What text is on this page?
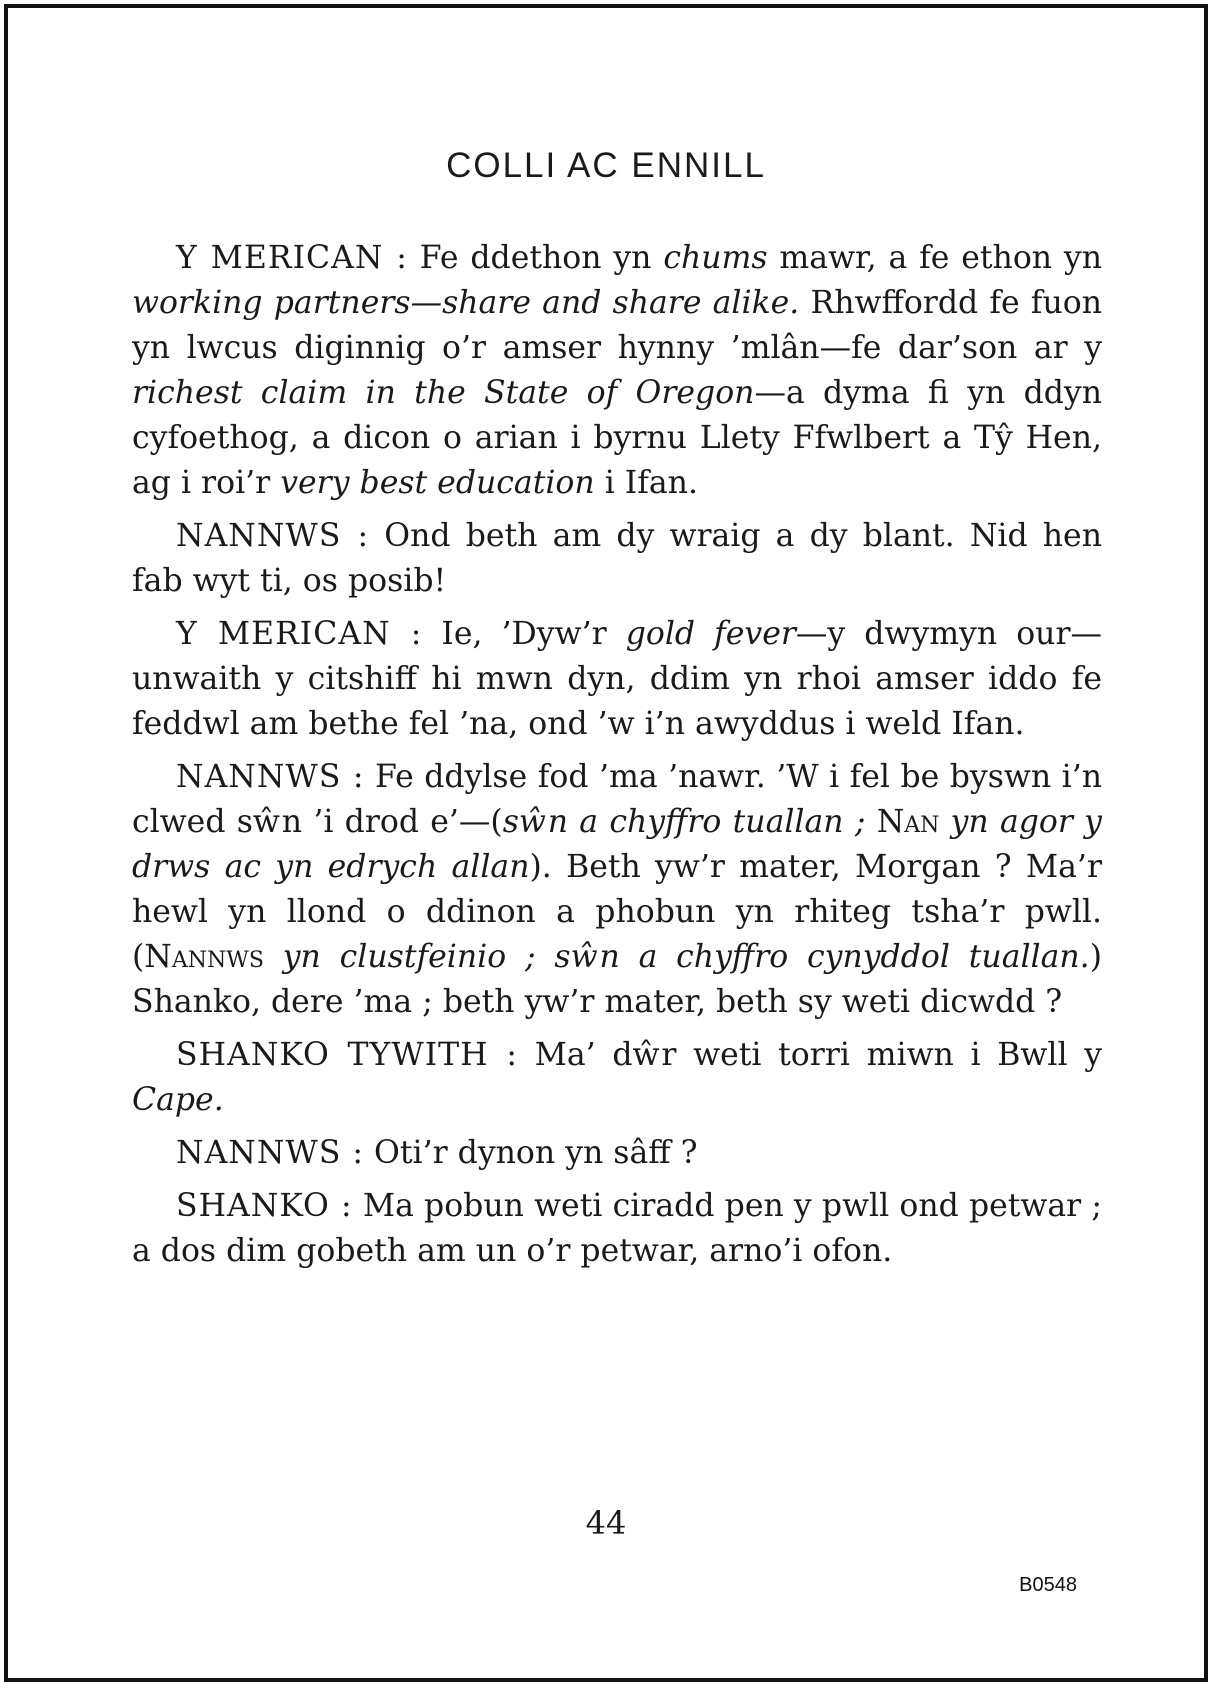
COLLI AC ENNILL

Y MERICAN : Fe ddethon yn chums mawr, a fe ethon yn working partners—share and share alike. Rhwffordd fe fuon yn lwcus diginnig o’r amser hynny ’mlân—fe dar’son ar y richest claim in the State of Oregon—a dyma fi yn ddyn cyfoethog, a dicon o arian i byrnu Llety Ffwlbert a Tŷ Hen, ag i roi’r very best education i Ifan.

NANNWS : Ond beth am dy wraig a dy blant. Nid hen fab wyt ti, os posib!

Y MERICAN : Ie, ’Dyw’r gold fever—y dwymyn our—unwaith y citshiff hi mwn dyn, ddim yn rhoi amser iddo fe feddwl am bethe fel ’na, ond ’w i’n awyddus i weld Ifan.

NANNWS : Fe ddylse fod ’ma ’nawr. ’W i fel be byswn i’n clwed sŵn ’i drod e’—(sŵn a chyffro tuallan ; Nan yn agor y drws ac yn edrych allan). Beth yw’r mater, Morgan ? Ma’r hewl yn llond o ddinon a phobun yn rhiteg tsha’r pwll. (Nannws yn clustfeinio ; sŵn a chyffro cynyddol tuallan.) Shanko, dere ’ma ; beth yw’r mater, beth sy weti dicwdd ?

SHANKO TYWITH : Ma’ dŵr weti torri miwn i Bwll y Cape.

NANNWS : Oti’r dynon yn sâff ?

SHANKO : Ma pobun weti ciradd pen y pwll ond petwar ; a dos dim gobeth am un o’r petwar, arno’i ofon.

44
B0548
